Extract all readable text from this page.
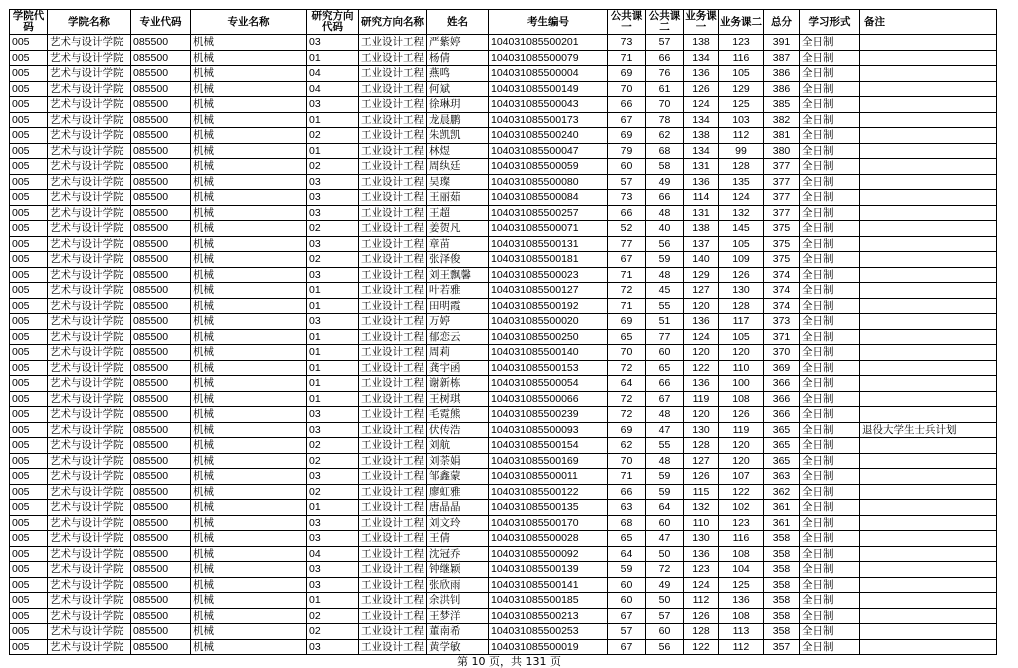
学院代码	学院名称	专业代码	专业名称	研究方向代码	研究方向名称	姓名	考生编号	公共课一	公共课二	业务课一	业务课二	总分	学习形式	备注
005	艺术与设计学院	085500	机械	03	工业设计工程	严紫婷	104031085500201	73	57	138	123	391	全日制	
005	艺术与设计学院	085500	机械	01	工业设计工程	杨倩	104031085500079	71	66	134	116	387	全日制	
005	艺术与设计学院	085500	机械	04	工业设计工程	燕鸣	104031085500004	69	76	136	105	386	全日制	
005	艺术与设计学院	085500	机械	04	工业设计工程	何斌	104031085500149	70	61	126	129	386	全日制	
005	艺术与设计学院	085500	机械	03	工业设计工程	徐琳玥	104031085500043	66	70	124	125	385	全日制	
005	艺术与设计学院	085500	机械	01	工业设计工程	龙晨鹏	104031085500173	67	78	134	103	382	全日制	
005	艺术与设计学院	085500	机械	02	工业设计工程	朱凯凯	104031085500240	69	62	138	112	381	全日制	
005	艺术与设计学院	085500	机械	01	工业设计工程	林煜	104031085500047	79	68	134	99	380	全日制	
005	艺术与设计学院	085500	机械	02	工业设计工程	周纨廷	104031085500059	60	58	131	128	377	全日制	
005	艺术与设计学院	085500	机械	03	工业设计工程	吴璨	104031085500080	57	49	136	135	377	全日制	
005	艺术与设计学院	085500	机械	03	工业设计工程	王丽茹	104031085500084	73	66	114	124	377	全日制	
005	艺术与设计学院	085500	机械	03	工业设计工程	王超	104031085500257	66	48	131	132	377	全日制	
005	艺术与设计学院	085500	机械	02	工业设计工程	姜贺凡	104031085500071	52	40	138	145	375	全日制	
005	艺术与设计学院	085500	机械	03	工业设计工程	章苗	104031085500131	77	56	137	105	375	全日制	
005	艺术与设计学院	085500	机械	02	工业设计工程	张泽俊	104031085500181	67	59	140	109	375	全日制	
005	艺术与设计学院	085500	机械	03	工业设计工程	刘王飘馨	104031085500023	71	48	129	126	374	全日制	
005	艺术与设计学院	085500	机械	01	工业设计工程	叶若雅	104031085500127	72	45	127	130	374	全日制	
005	艺术与设计学院	085500	机械	01	工业设计工程	田明霞	104031085500192	71	55	120	128	374	全日制	
005	艺术与设计学院	085500	机械	03	工业设计工程	万婷	104031085500020	69	51	136	117	373	全日制	
005	艺术与设计学院	085500	机械	01	工业设计工程	郁恋云	104031085500250	65	77	124	105	371	全日制	
005	艺术与设计学院	085500	机械	01	工业设计工程	周莉	104031085500140	70	60	120	120	370	全日制	
005	艺术与设计学院	085500	机械	01	工业设计工程	龚宇函	104031085500153	72	65	122	110	369	全日制	
005	艺术与设计学院	085500	机械	01	工业设计工程	谢新栋	104031085500054	64	66	136	100	366	全日制	
005	艺术与设计学院	085500	机械	01	工业设计工程	王树琪	104031085500066	72	67	119	108	366	全日制	
005	艺术与设计学院	085500	机械	03	工业设计工程	毛霓熊	104031085500239	72	48	120	126	366	全日制	
005	艺术与设计学院	085500	机械	03	工业设计工程	伏传浩	104031085500093	69	47	130	119	365	全日制	退役大学生士兵计划
005	艺术与设计学院	085500	机械	02	工业设计工程	刘航	104031085500154	62	55	128	120	365	全日制	
005	艺术与设计学院	085500	机械	02	工业设计工程	刘荼娟	104031085500169	70	48	127	120	365	全日制	
005	艺术与设计学院	085500	机械	03	工业设计工程	邹鑫蒙	104031085500011	71	59	126	107	363	全日制	
005	艺术与设计学院	085500	机械	02	工业设计工程	廖虹雅	104031085500122	66	59	115	122	362	全日制	
005	艺术与设计学院	085500	机械	01	工业设计工程	唐晶晶	104031085500135	63	64	132	102	361	全日制	
005	艺术与设计学院	085500	机械	03	工业设计工程	刘文玲	104031085500170	68	60	110	123	361	全日制	
005	艺术与设计学院	085500	机械	03	工业设计工程	王倩	104031085500028	65	47	130	116	358	全日制	
005	艺术与设计学院	085500	机械	04	工业设计工程	沈冠乔	104031085500092	64	50	136	108	358	全日制	
005	艺术与设计学院	085500	机械	03	工业设计工程	钟继颖	104031085500139	59	72	123	104	358	全日制	
005	艺术与设计学院	085500	机械	03	工业设计工程	张欣雨	104031085500141	60	49	124	125	358	全日制	
005	艺术与设计学院	085500	机械	01	工业设计工程	余洪钊	104031085500185	60	50	112	136	358	全日制	
005	艺术与设计学院	085500	机械	02	工业设计工程	王梦洋	104031085500213	67	57	126	108	358	全日制	
005	艺术与设计学院	085500	机械	02	工业设计工程	董南希	104031085500253	57	60	128	113	358	全日制	
005	艺术与设计学院	085500	机械	03	工业设计工程	黄学敏	104031085500019	67	56	122	112	357	全日制	
第 10 页，共 131 页
